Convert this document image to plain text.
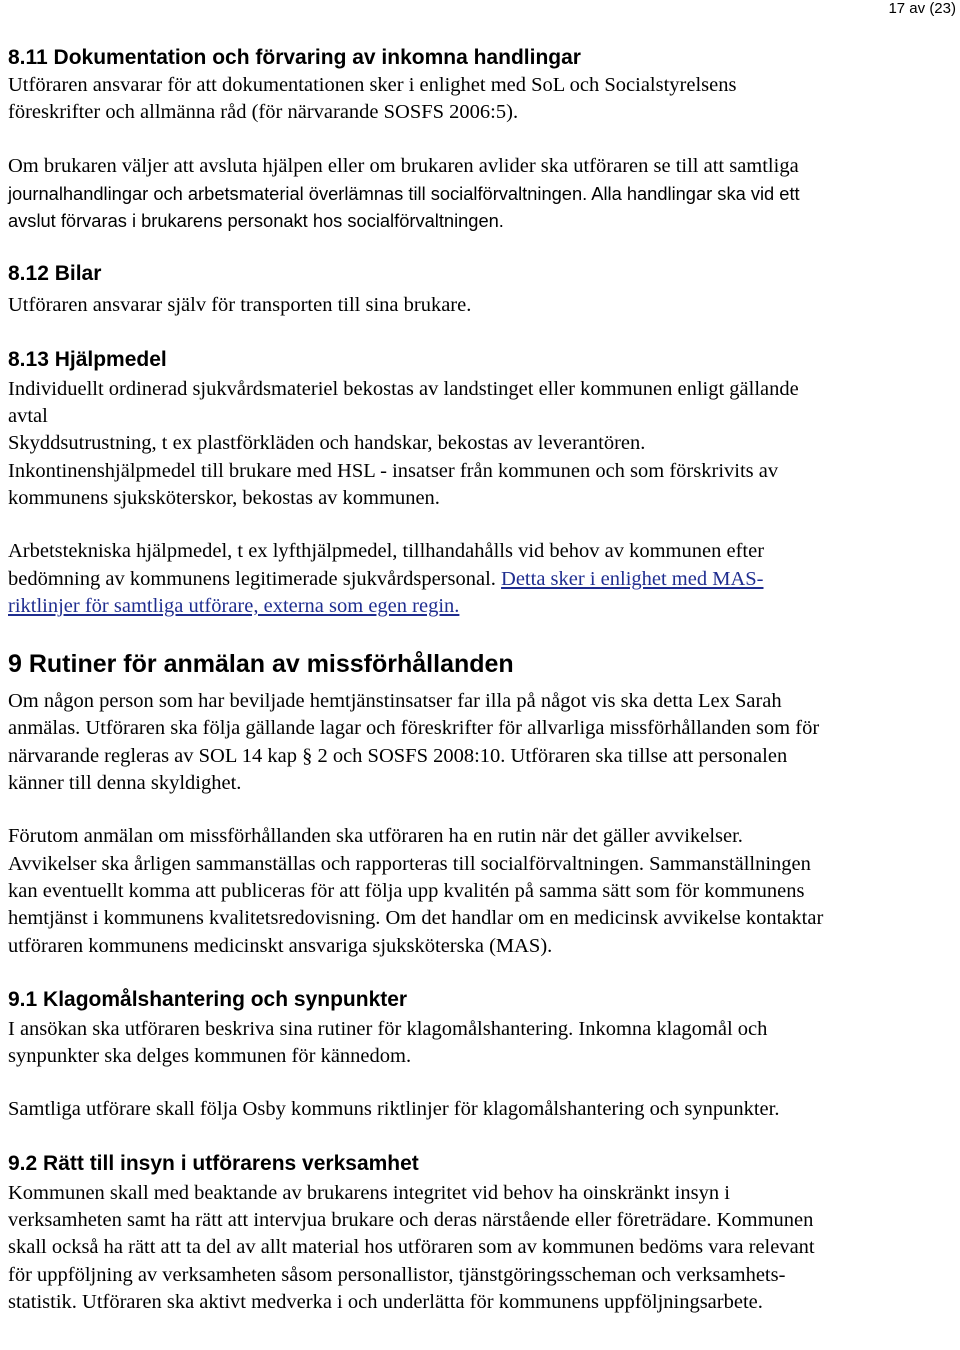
17 av (23)
8.11 Dokumentation och förvaring av inkomna handlingar

Utföraren ansvarar för att dokumentationen sker i enlighet med SoL och Socialstyrelsens

föreskrifter och allmänna råd (för närvarande SOSFS 2006:5).

Om brukaren väljer att avsluta hjälpen eller om brukaren avlider ska utföraren se till att samtliga

journalhandlingar och arbetsmaterial överlämnas till socialförvaltningen. Alla handlingar ska vid ett

avslut förvaras i brukarens personakt hos socialförvaltningen.

8.12 Bilar

Utföraren ansvarar själv för transporten till sina brukare.

8.13 Hjälpmedel

Individuellt ordinerad sjukvårdsmateriel bekostas av landstinget eller kommunen enligt gällande

avtal

Skyddsutrustning, t ex plastförkläden och handskar, bekostas av leverantören.

Inkontinenshjälpmedel till brukare med HSL - insatser från kommunen och som förskrivits av

kommunens sjuksköterskor, bekostas av kommunen.

Arbetstekniska hjälpmedel, t ex lyfthjälpmedel, tillhandahålls vid behov av kommunen efter

bedömning av kommunens legitimerade sjukvårdspersonal. Detta sker i enlighet med MAS-

riktlinjer för samtliga utförare, externa som egen regin.

9 Rutiner för anmälan av missförhållanden

Om någon person som har beviljade hemtjänstinsatser far illa på något vis ska detta Lex Sarah

anmälas. Utföraren ska följa gällande lagar och föreskrifter för allvarliga missförhållanden som för

närvarande regleras av SOL 14 kap § 2 och SOSFS 2008:10. Utföraren ska tillse att personalen

känner till denna skyldighet.

Förutom anmälan om missförhållanden ska utföraren ha en rutin när det gäller avvikelser.

Avvikelser ska årligen sammanställas och rapporteras till socialförvaltningen. Sammanställningen

kan eventuellt komma att publiceras för att följa upp kvalitén på samma sätt som för kommunens

hemtjänst i kommunens kvalitetsredovisning. Om det handlar om en medicinsk avvikelse kontaktar

utföraren kommunens medicinskt ansvariga sjuksköterska (MAS).

9.1 Klagomålshantering och synpunkter

I ansökan ska utföraren beskriva sina rutiner för klagomålshantering. Inkomna klagomål och

synpunkter ska delges kommunen för kännedom.

Samtliga utförare skall följa Osby kommuns riktlinjer för klagomålshantering och synpunkter.

9.2 Rätt till insyn i utförarens verksamhet

Kommunen skall med beaktande av brukarens integritet vid behov ha oinskränkt insyn i

verksamheten samt ha rätt att intervjua brukare och deras närstående eller företrädare. Kommunen

skall också ha rätt att ta del av allt material hos utföraren som av kommunen bedöms vara relevant

för uppföljning av verksamheten såsom personallistor, tjänstgöringsscheman och verksamhets-

statistik. Utföraren ska aktivt medverka i och underlätta för kommunens uppföljningsarbete.
